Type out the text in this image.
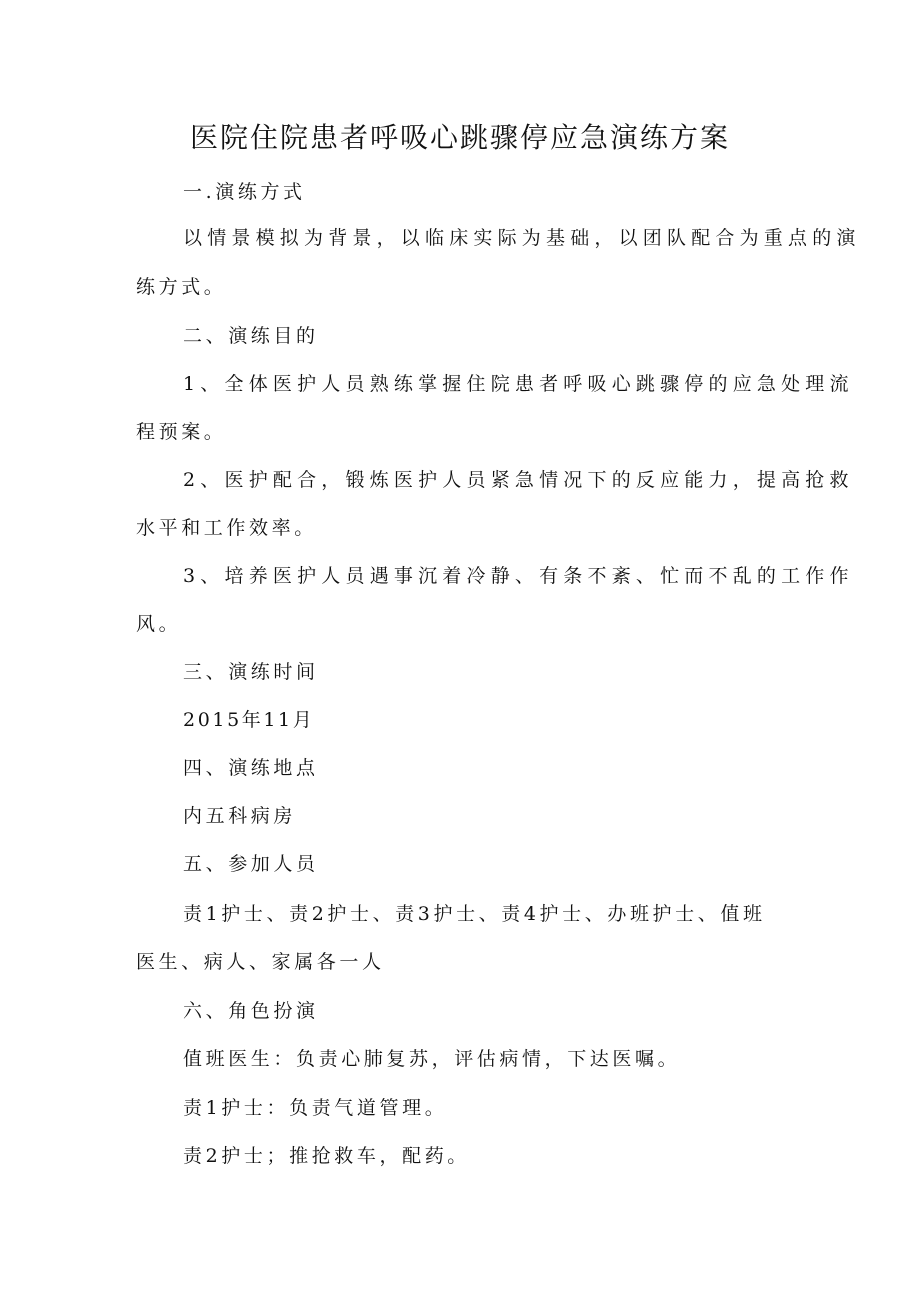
医院住院患者呼吸心跳骤停应急演练方案

一.演练方式

以情景模拟为背景，以临床实际为基础，以团队配合为重点的演

练方式。

二、演练目的

1、全体医护人员熟练掌握住院患者呼吸心跳骤停的应急处理流

程预案。

2、医护配合，锻炼医护人员紧急情况下的反应能力，提高抢救

水平和工作效率。

3、培养医护人员遇事沉着冷静、有条不紊、忙而不乱的工作作

风。

三、演练时间

2015年11月

四、演练地点

内五科病房

五、参加人员

责1护士、责2护士、责3护士、责4护士、办班护士、值班

医生、病人、家属各一人

六、角色扮演

值班医生：负责心肺复苏，评估病情，下达医嘱。

责1护士：负责气道管理。

责2护士；推抢救车，配药。
